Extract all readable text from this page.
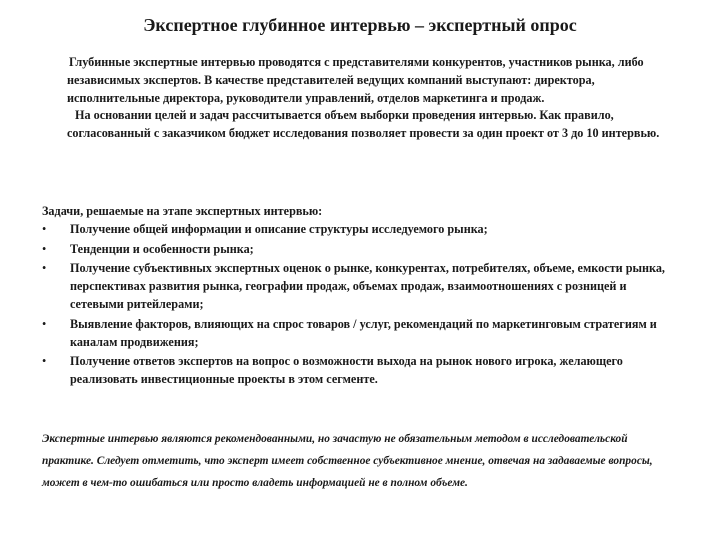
Экспертное глубинное интервью – экспертный опрос

Глубинные экспертные интервью проводятся с представителями конкурентов, участников рынка, либо независимых экспертов. В качестве представителей ведущих компаний выступают: директора, исполнительные директора, руководители управлений, отделов маркетинга и продаж.

На основании целей и задач рассчитывается объем выборки проведения интервью. Как правило, согласованный с заказчиком бюджет исследования позволяет провести за один проект от 3 до 10 интервью.

Задачи, решаемые на этапе экспертных интервью:

•	Получение общей информации и описание структуры исследуемого рынка;
•	Тенденции и особенности рынка;
•	Получение субъективных экспертных оценок о рынке, конкурентах, потребителях, объеме, емкости рынка, перспективах развития рынка, географии продаж, объемах продаж, взаимоотношениях с розницей и сетевыми ритейлерами;
•	Выявление факторов, влияющих на спрос товаров / услуг, рекомендаций по маркетинговым стратегиям и каналам продвижения;
•	Получение ответов экспертов на вопрос о возможности выхода на рынок нового игрока, желающего реализовать инвестиционные проекты в этом сегменте.
Экспертные интервью являются рекомендованными, но зачастую не обязательным методом в исследовательской практике. Следует отметить, что эксперт имеет собственное субъективное мнение, отвечая на задаваемые вопросы, может в чем-то ошибаться или просто владеть информацией не в полном объеме.
